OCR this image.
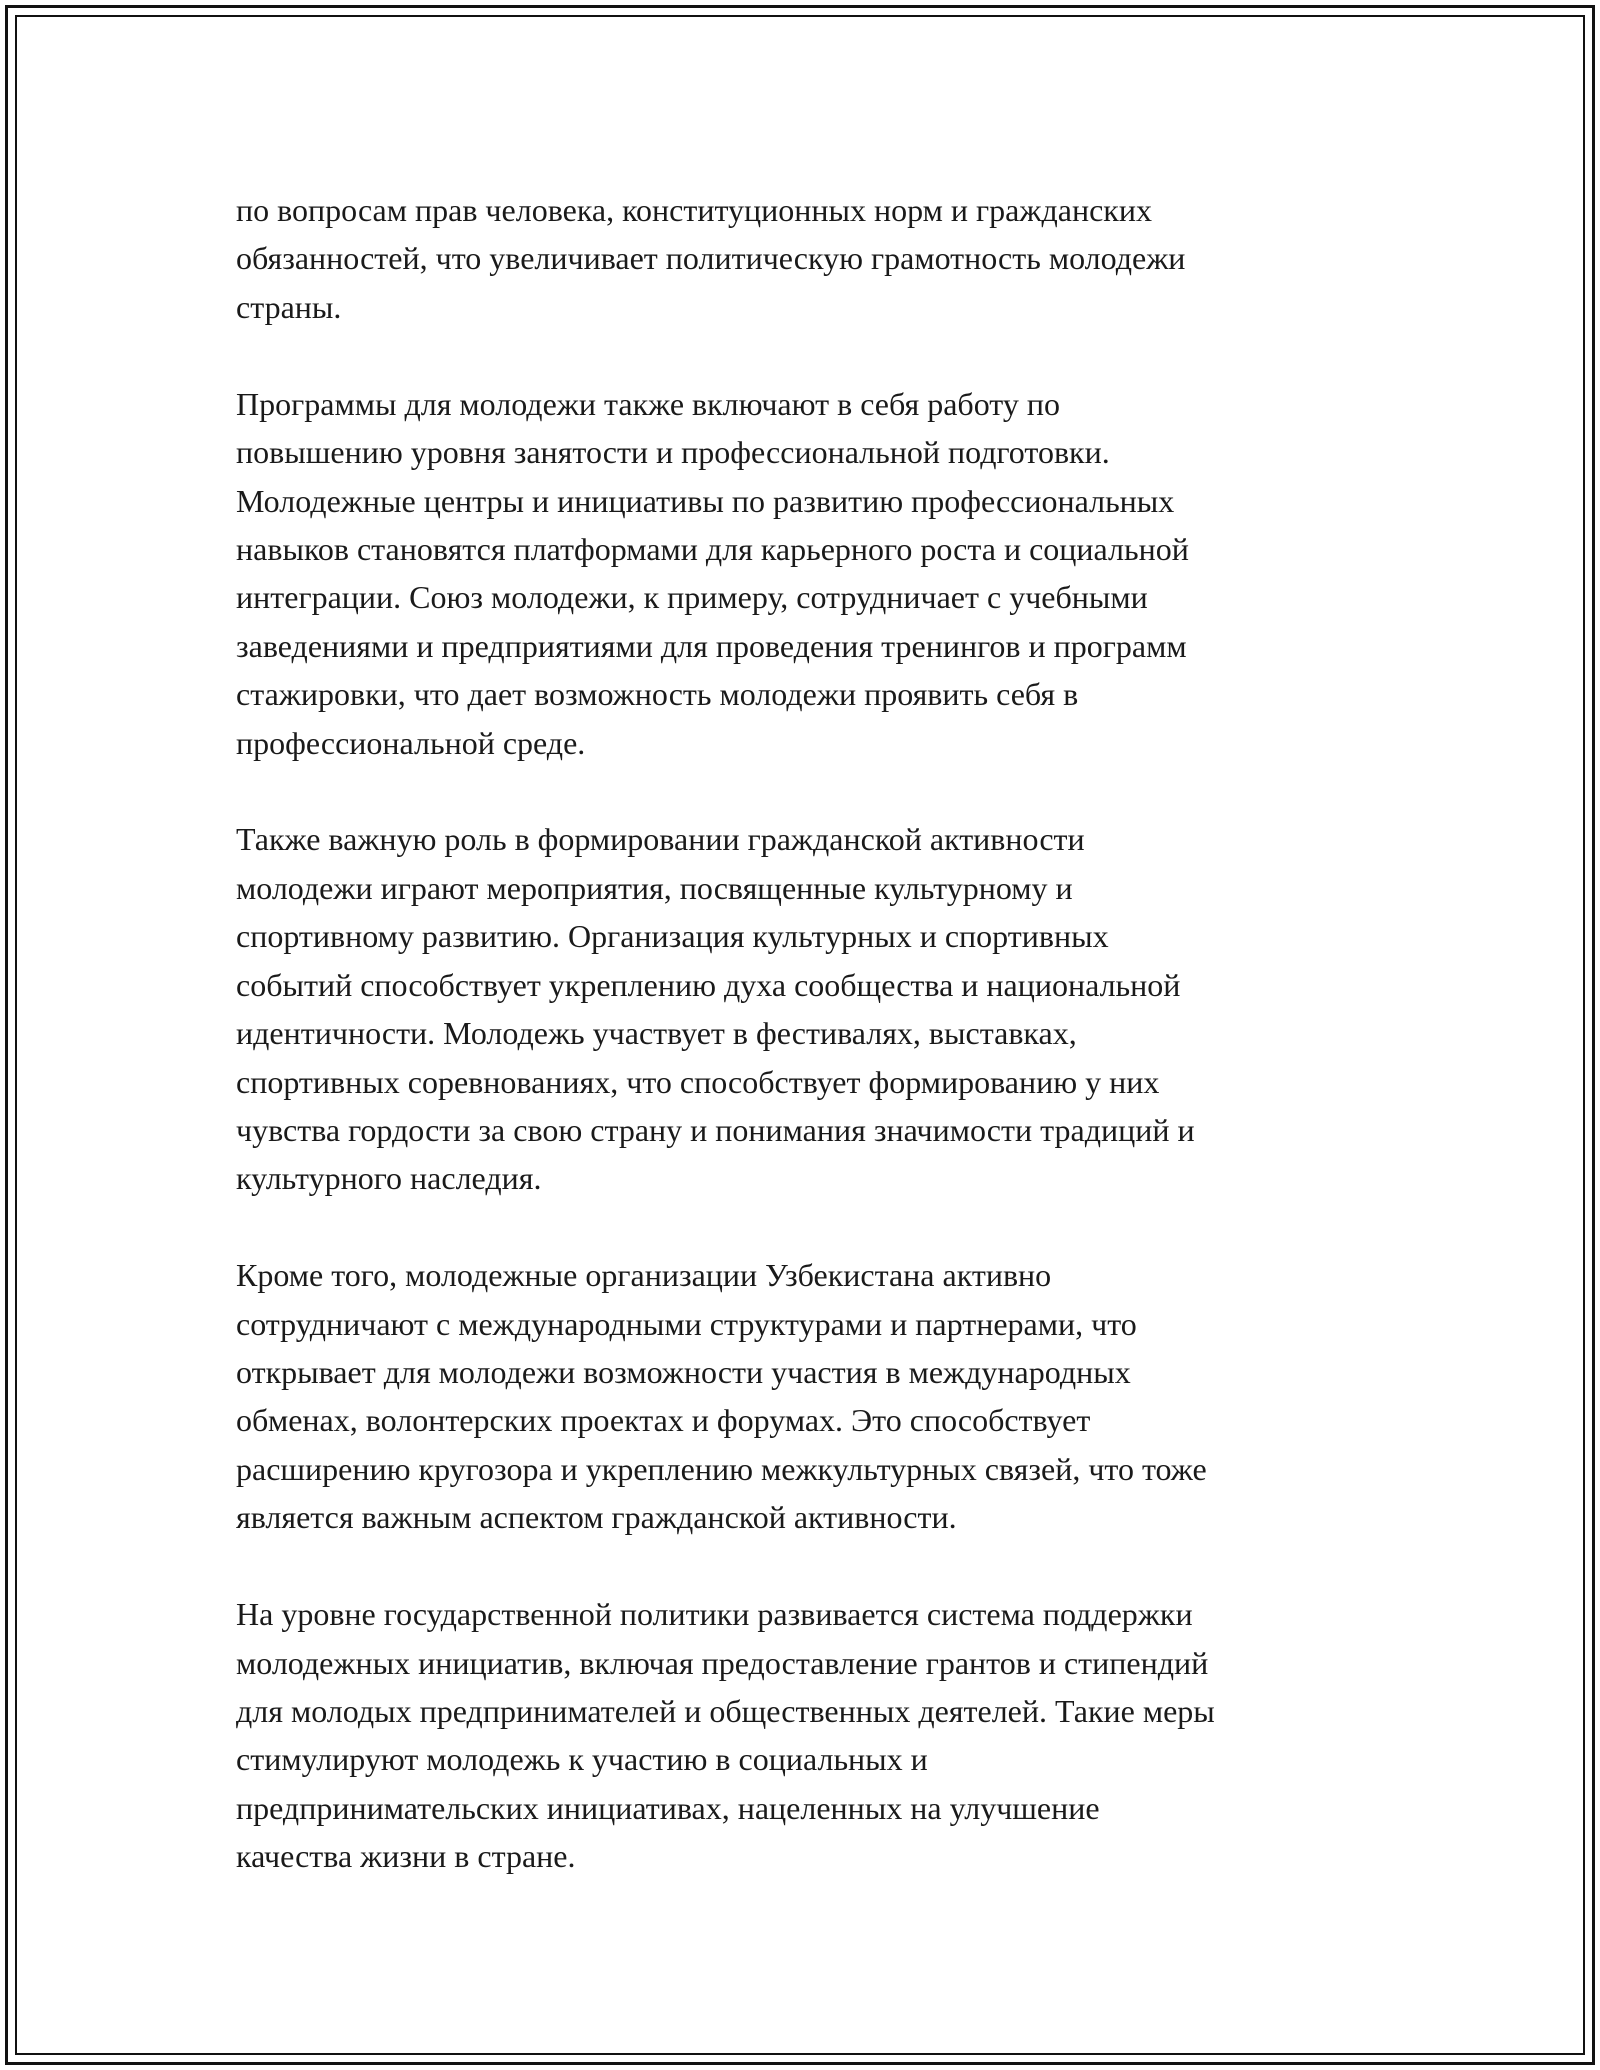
по вопросам прав человека, конституционных норм и гражданских
обязанностей, что увеличивает политическую грамотность молодежи
страны.

Программы для молодежи также включают в себя работу по
повышению уровня занятости и профессиональной подготовки.
Молодежные центры и инициативы по развитию профессиональных
навыков становятся платформами для карьерного роста и социальной
интеграции. Союз молодежи, к примеру, сотрудничает с учебными
заведениями и предприятиями для проведения тренингов и программ
стажировки, что дает возможность молодежи проявить себя в
профессиональной среде.

Также важную роль в формировании гражданской активности
молодежи играют мероприятия, посвященные культурному и
спортивному развитию. Организация культурных и спортивных
событий способствует укреплению духа сообщества и национальной
идентичности. Молодежь участвует в фестивалях, выставках,
спортивных соревнованиях, что способствует формированию у них
чувства гордости за свою страну и понимания значимости традиций и
культурного наследия.

Кроме того, молодежные организации Узбекистана активно
сотрудничают с международными структурами и партнерами, что
открывает для молодежи возможности участия в международных
обменах, волонтерских проектах и форумах. Это способствует
расширению кругозора и укреплению межкультурных связей, что тоже
является важным аспектом гражданской активности.

На уровне государственной политики развивается система поддержки
молодежных инициатив, включая предоставление грантов и стипендий
для молодых предпринимателей и общественных деятелей. Такие меры
стимулируют молодежь к участию в социальных и
предпринимательских инициативах, нацеленных на улучшение
качества жизни в стране.
